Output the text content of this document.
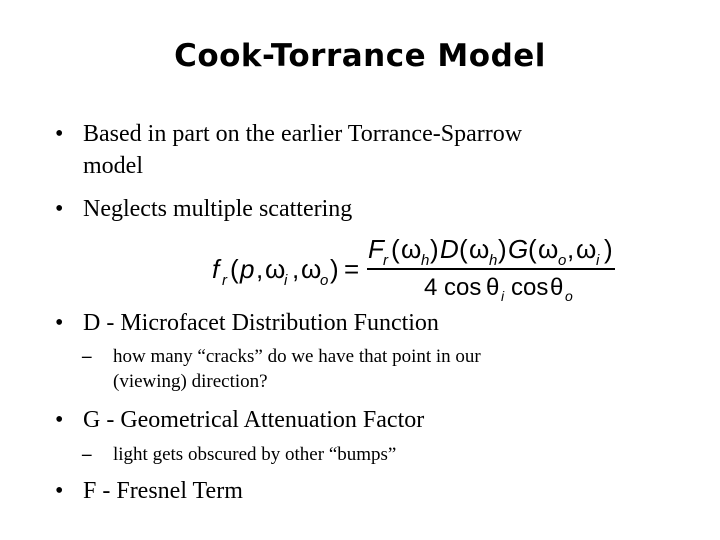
Cook-Torrance Model
• Based in part on the earlier Torrance-Sparrow
model
• Neglects multiple scattering
f r ( p , ω
i , ω
o ) =
F r ( ω h ) D ( ω h ) G ( ω o , ω i )
4 cos θ i cos θ o
• D - Microfacet Distribution Function
– how many “cracks” do we have that point in our
(viewing) direction?
• G - Geometrical Attenuation Factor
– light gets obscured by other “bumps”
• F - Fresnel Term
